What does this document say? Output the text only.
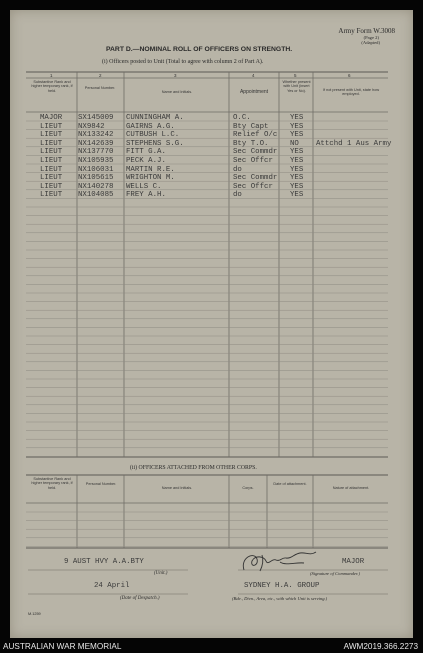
Army Form W.3008
(Page 2)
(Adapted)
PART D.—NOMINAL ROLL OF OFFICERS ON STRENGTH.
(i) Officers posted to Unit (Total to agree with column 2 of Part A).
1	2	3	4	5	6
Substantive Rank and higher temporary rank, if held.
Personal Number.
Name and Initials.	Appointment
Whether present with Unit (insert Yes or No).	If not present with Unit, state how employed.
MAJOR SX145009 CUNNINGHAM A.	O.C.	YES
LIEUT NX9842	GAIRNS A.G.	Bty Capt	YES
LIEUT NX133242 CUTBUSH L.C.	Relief O/c YES
LIEUT NX142639 STEPHENS S.G.	Bty T.O.	NO Attchd 1 Aus Army
LIEUT NX137770 FITT G.A.	Sec Commdr YES
LIEUT NX105935 PECK A.J.	Sec Offcr YES
LIEUT NX106031 MARTIN R.E.	do	YES
LIEUT NX105615 WRIGHTON M.	Sec Commdr YES
LIEUT NX140278 WELLS C.	Sec Offcr YES
LIEUT NX104085 FREY A.H.	do	YES
(ii) OFFICERS ATTACHED FROM OTHER CORPS.
Substantive Rank and higher temporary rank, if held.
Personal Number.
Name and Initials.	Corps.
Date of attachment.
Nature of attachment.
9 AUST HVY A.A.BTY
(Unit.)
24 April
(Date of Despatch.)
MAJOR
(Signature of Commander.)
SYDNEY H.A. GROUP
(Bde., Divn., Area, etc., with which Unit is serving.)
M.1259
AUSTRALIAN WAR MEMORIAL	AWM2019.366.2273
